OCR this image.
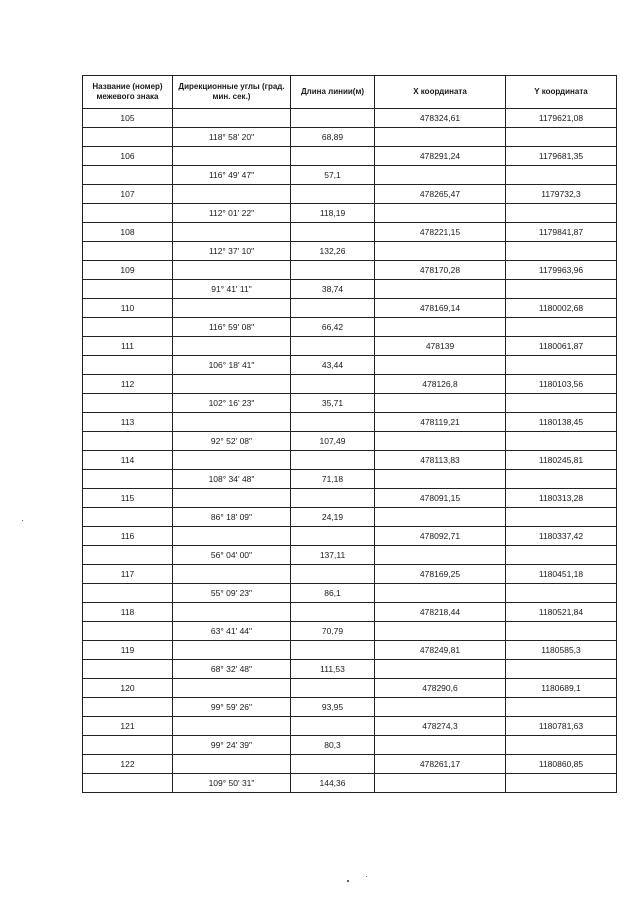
Название (номер) межевого знака	Дирекционные углы (град. мин. сек.)	Длина линии(м)	X координата	Y координата
105			478324,61	1179621,08
	118° 58' 20"	68,89		
106			478291,24	1179681,35
	116° 49' 47"	57,1		
107			478265,47	1179732,3
	112° 01' 22"	118,19		
108			478221,15	1179841,87
	112° 37' 10"	132,26		
109			478170,28	1179963,96
	91° 41' 11"	38,74		
110			478169,14	1180002,68
	116° 59' 08"	66,42		
111			478139	1180061,87
	106° 18' 41"	43,44		
112			478126,8	1180103,56
	102° 16' 23"	35,71		
113			478119,21	1180138,45
	92° 52' 08"	107,49		
114			478113,83	1180245,81
	108° 34' 48"	71,18		
115			478091,15	1180313,28
	86° 18' 09"	24,19		
116			478092,71	1180337,42
	56° 04' 00"	137,11		
117			478169,25	1180451,18
	55° 09' 23"	86,1		
118			478218,44	1180521,84
	63° 41' 44"	70,79		
119			478249,81	1180585,3
	68° 32' 48"	111,53		
120			478290,6	1180689,1
	99° 59' 26"	93,95		
121			478274,3	1180781,63
	99° 24' 39"	80,3		
122			478261,17	1180860,85
	109° 50' 31"	144,36		
